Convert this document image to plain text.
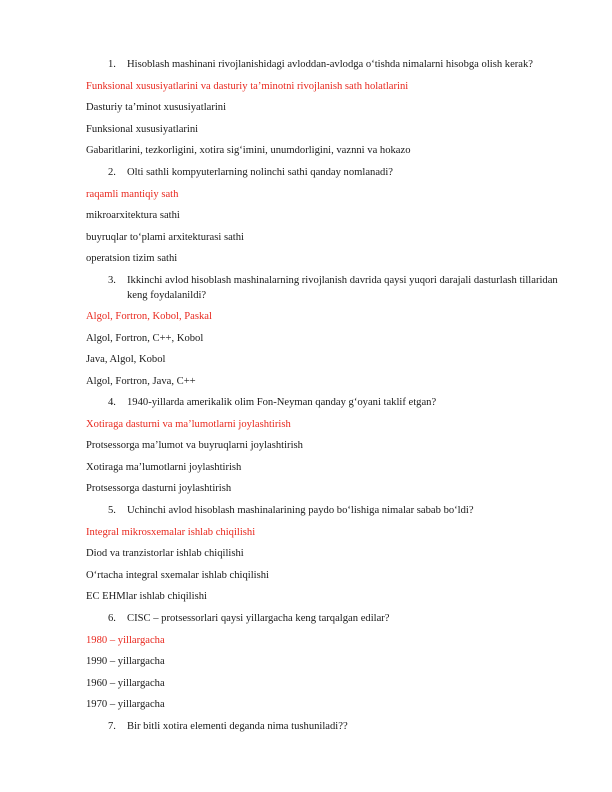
1.	Hisoblash mashinani rivojlanishidagi avloddan-avlodga o‘tishda nimalarni hisobga olish kerak?
Funksional xususiyatlarini va dasturiy ta’minotni rivojlanish sath holatlarini
Dasturiy ta’minot xususiyatlarini
Funksional xususiyatlarini
Gabaritlarini, tezkorligini, xotira sig‘imini, unumdorligini, vaznni va hokazo
2.	Olti sathli kompyuterlarning nolinchi sathi qanday nomlanadi?
raqamli mantiqiy sath
mikroarxitektura sathi
buyruqlar to‘plami arxitekturasi sathi
operatsion tizim sathi
3.	Ikkinchi avlod hisoblash mashinalarning rivojlanish davrida qaysi yuqori darajali dasturlash tillaridan keng foydalanildi?
Algol, Fortron, Kobol, Paskal
Algol, Fortron, C++, Kobol
Java, Algol, Kobol
Algol, Fortron, Java, C++
4.	1940-yillarda amerikalik olim Fon-Neyman qanday g‘oyani taklif etgan?
Xotiraga dasturni va ma’lumotlarni joylashtirish
Protsessorga ma’lumot va buyruqlarni joylashtirish
Xotiraga ma’lumotlarni joylashtirish
Protsessorga dasturni joylashtirish
5.	Uchinchi avlod hisoblash mashinalarining paydo bo‘lishiga nimalar sabab bo‘ldi?
Integral mikrosxemalar ishlab chiqilishi
Diod va tranzistorlar ishlab chiqilishi
O‘rtacha integral sxemalar ishlab chiqilishi
EC EHMlar ishlab chiqilishi
6.	CISC – protsessorlari qaysi yillargacha keng tarqalgan edilar?
1980 – yillargacha
1990 – yillargacha
1960 – yillargacha
1970 – yillargacha
7.	Bir bitli xotira elementi deganda nima tushuniladi??
